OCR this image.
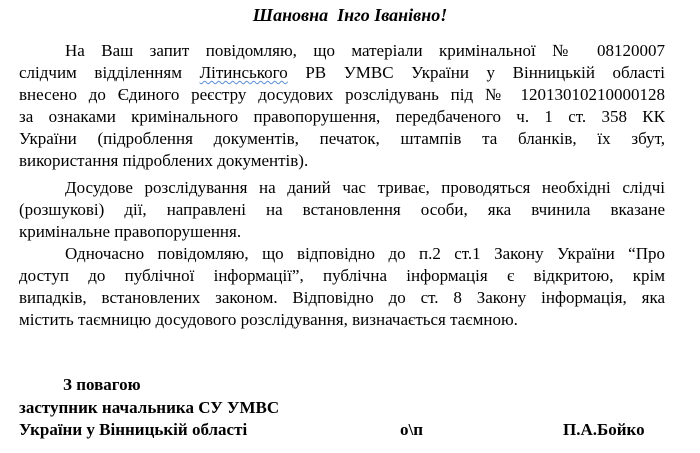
Шановна  Інго Іванівно!
На Ваш запит повідомляю, що матеріали кримінальної № 08120007
слідчим відділенням Літинського РВ УМВС України у Вінницькій області
внесено до Єдиного реєстру досудових розслідувань під № 12013010210000128
за ознаками кримінального правопорушення, передбаченого ч. 1 ст. 358 КК
України (підроблення документів, печаток, штампів та бланків, їх збут,
використання підроблених документів).
Досудове розслідування на даний час триває, проводяться необхідні слідчі
(розшукові) дії, направлені на встановлення особи, яка вчинила вказане
кримінальне правопорушення.
Одночасно повідомляю, що відповідно до п.2 ст.1 Закону України “Про
доступ до публічної інформації”, публічна інформація є відкритою, крім
випадків, встановлених законом. Відповідно до ст. 8 Закону інформація, яка
містить таємницю досудового розслідування, визначається таємною.
З повагою
заступник начальника СУ УМВС
України у Вінницькій області	о\п	П.А.Бойко
